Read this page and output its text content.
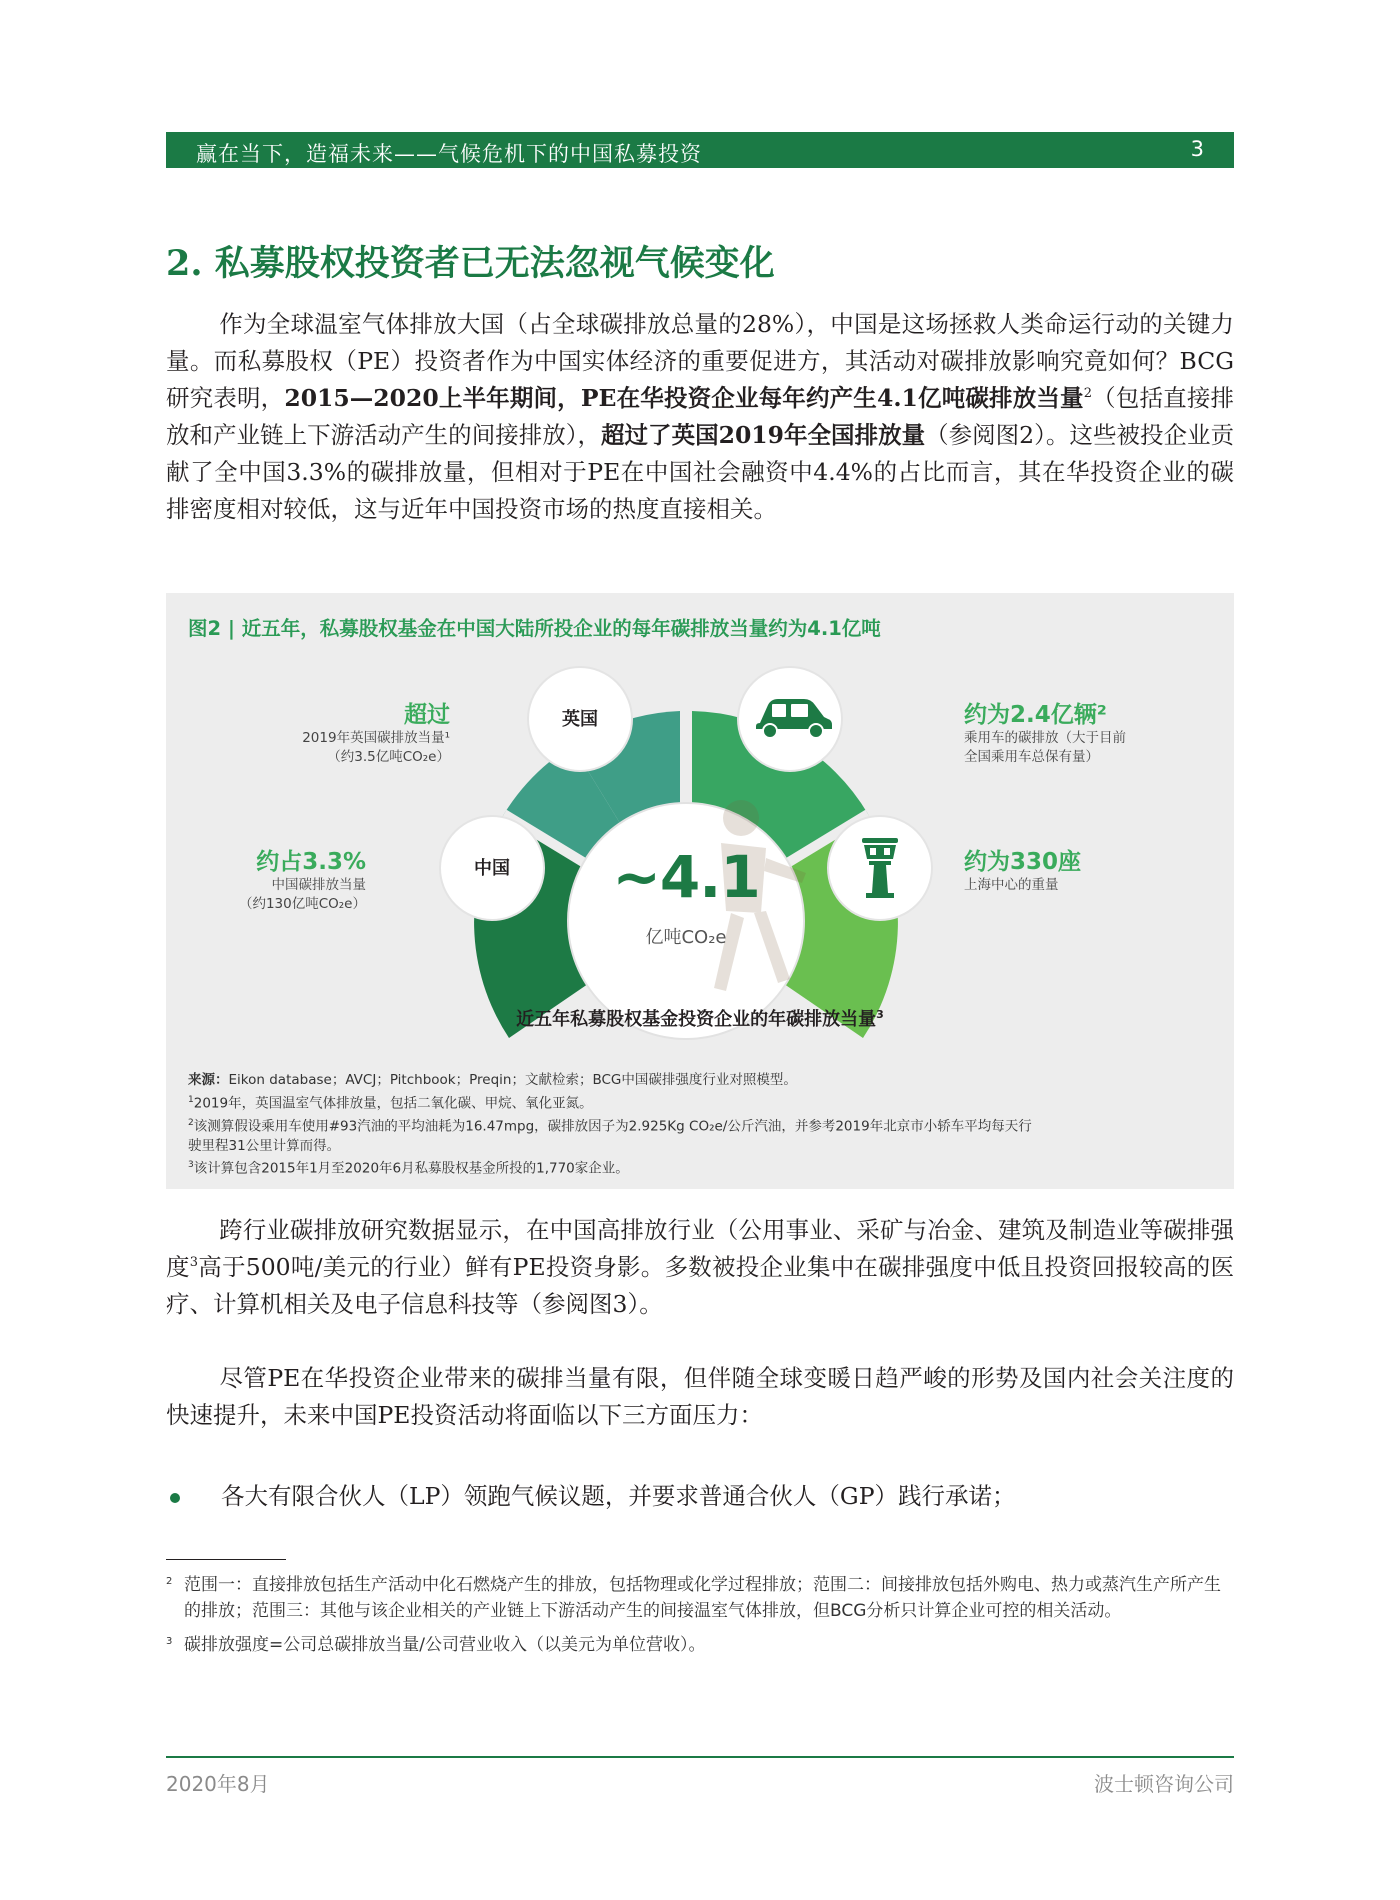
赢在当下，造福未来——气候危机下的中国私募投资	3
2. 私募股权投资者已无法忽视气候变化
作为全球温室气体排放大国（占全球碳排放总量的28%），中国是这场拯救人类命运行动的关键力量。而私募股权（PE）投资者作为中国实体经济的重要促进方，其活动对碳排放影响究竟如何？BCG研究表明，2015—2020上半年期间，PE在华投资企业每年约产生4.1亿吨碳排放当量$^2$（包括直接排放和产业链上下游活动产生的间接排放），超过了英国2019年全国排放量（参阅图2）。这些被投企业贡献了全中国3.3%的碳排放量，但相对于PE在中国社会融资中4.4%的占比而言，其在华投资企业的碳排密度相对较低，这与近年中国投资市场的热度直接相关。
图2 | 近五年，私募股权基金在中国大陆所投企业的每年碳排放当量约为4.1亿吨
英国
中国	~4.1
亿吨CO₂e
超过
2019年英国碳排放当量¹
（约3.5亿吨CO₂e）
约占3.3%
中国碳排放当量
（约130亿吨CO₂e）
约为2.4亿辆²
乘用车的碳排放（大于目前
全国乘用车总保有量）
约为330座
上海中心的重量
近五年私募股权基金投资企业的年碳排放当量$^3$
来源：Eikon database；AVCJ；Pitchbook；Preqin；文献检索；BCG中国碳排强度行业对照模型。
$^1$2019年，英国温室气体排放量，包括二氧化碳、甲烷、氧化亚氮。
$^2$该测算假设乘用车使用#93汽油的平均油耗为16.47mpg，碳排放因子为2.925Kg CO₂e/公斤汽油，并参考2019年北京市小轿车平均每天行
驶里程31公里计算而得。
$^3$该计算包含2015年1月至2020年6月私募股权基金所投的1,770家企业。
跨行业碳排放研究数据显示，在中国高排放行业（公用事业、采矿与冶金、建筑及制造业等碳排强度$^3$高于500吨/美元的行业）鲜有PE投资身影。多数被投企业集中在碳排强度中低且投资回报较高的医疗、计算机相关及电子信息科技等（参阅图3）。
尽管PE在华投资企业带来的碳排当量有限，但伴随全球变暖日趋严峻的形势及国内社会关注度的快速提升，未来中国PE投资活动将面临以下三方面压力：
各大有限合伙人（LP）领跑气候议题，并要求普通合伙人（GP）践行承诺；
2 范围一：直接排放包括生产活动中化石燃烧产生的排放，包括物理或化学过程排放；范围二：间接排放包括外购电、热力或蒸汽生产所产生的排放；范围三：其他与该企业相关的产业链上下游活动产生的间接温室气体排放，但BCG分析只计算企业可控的相关活动。
3 碳排放强度=公司总碳排放当量/公司营业收入（以美元为单位营收）。
2020年8月	波士顿咨询公司
